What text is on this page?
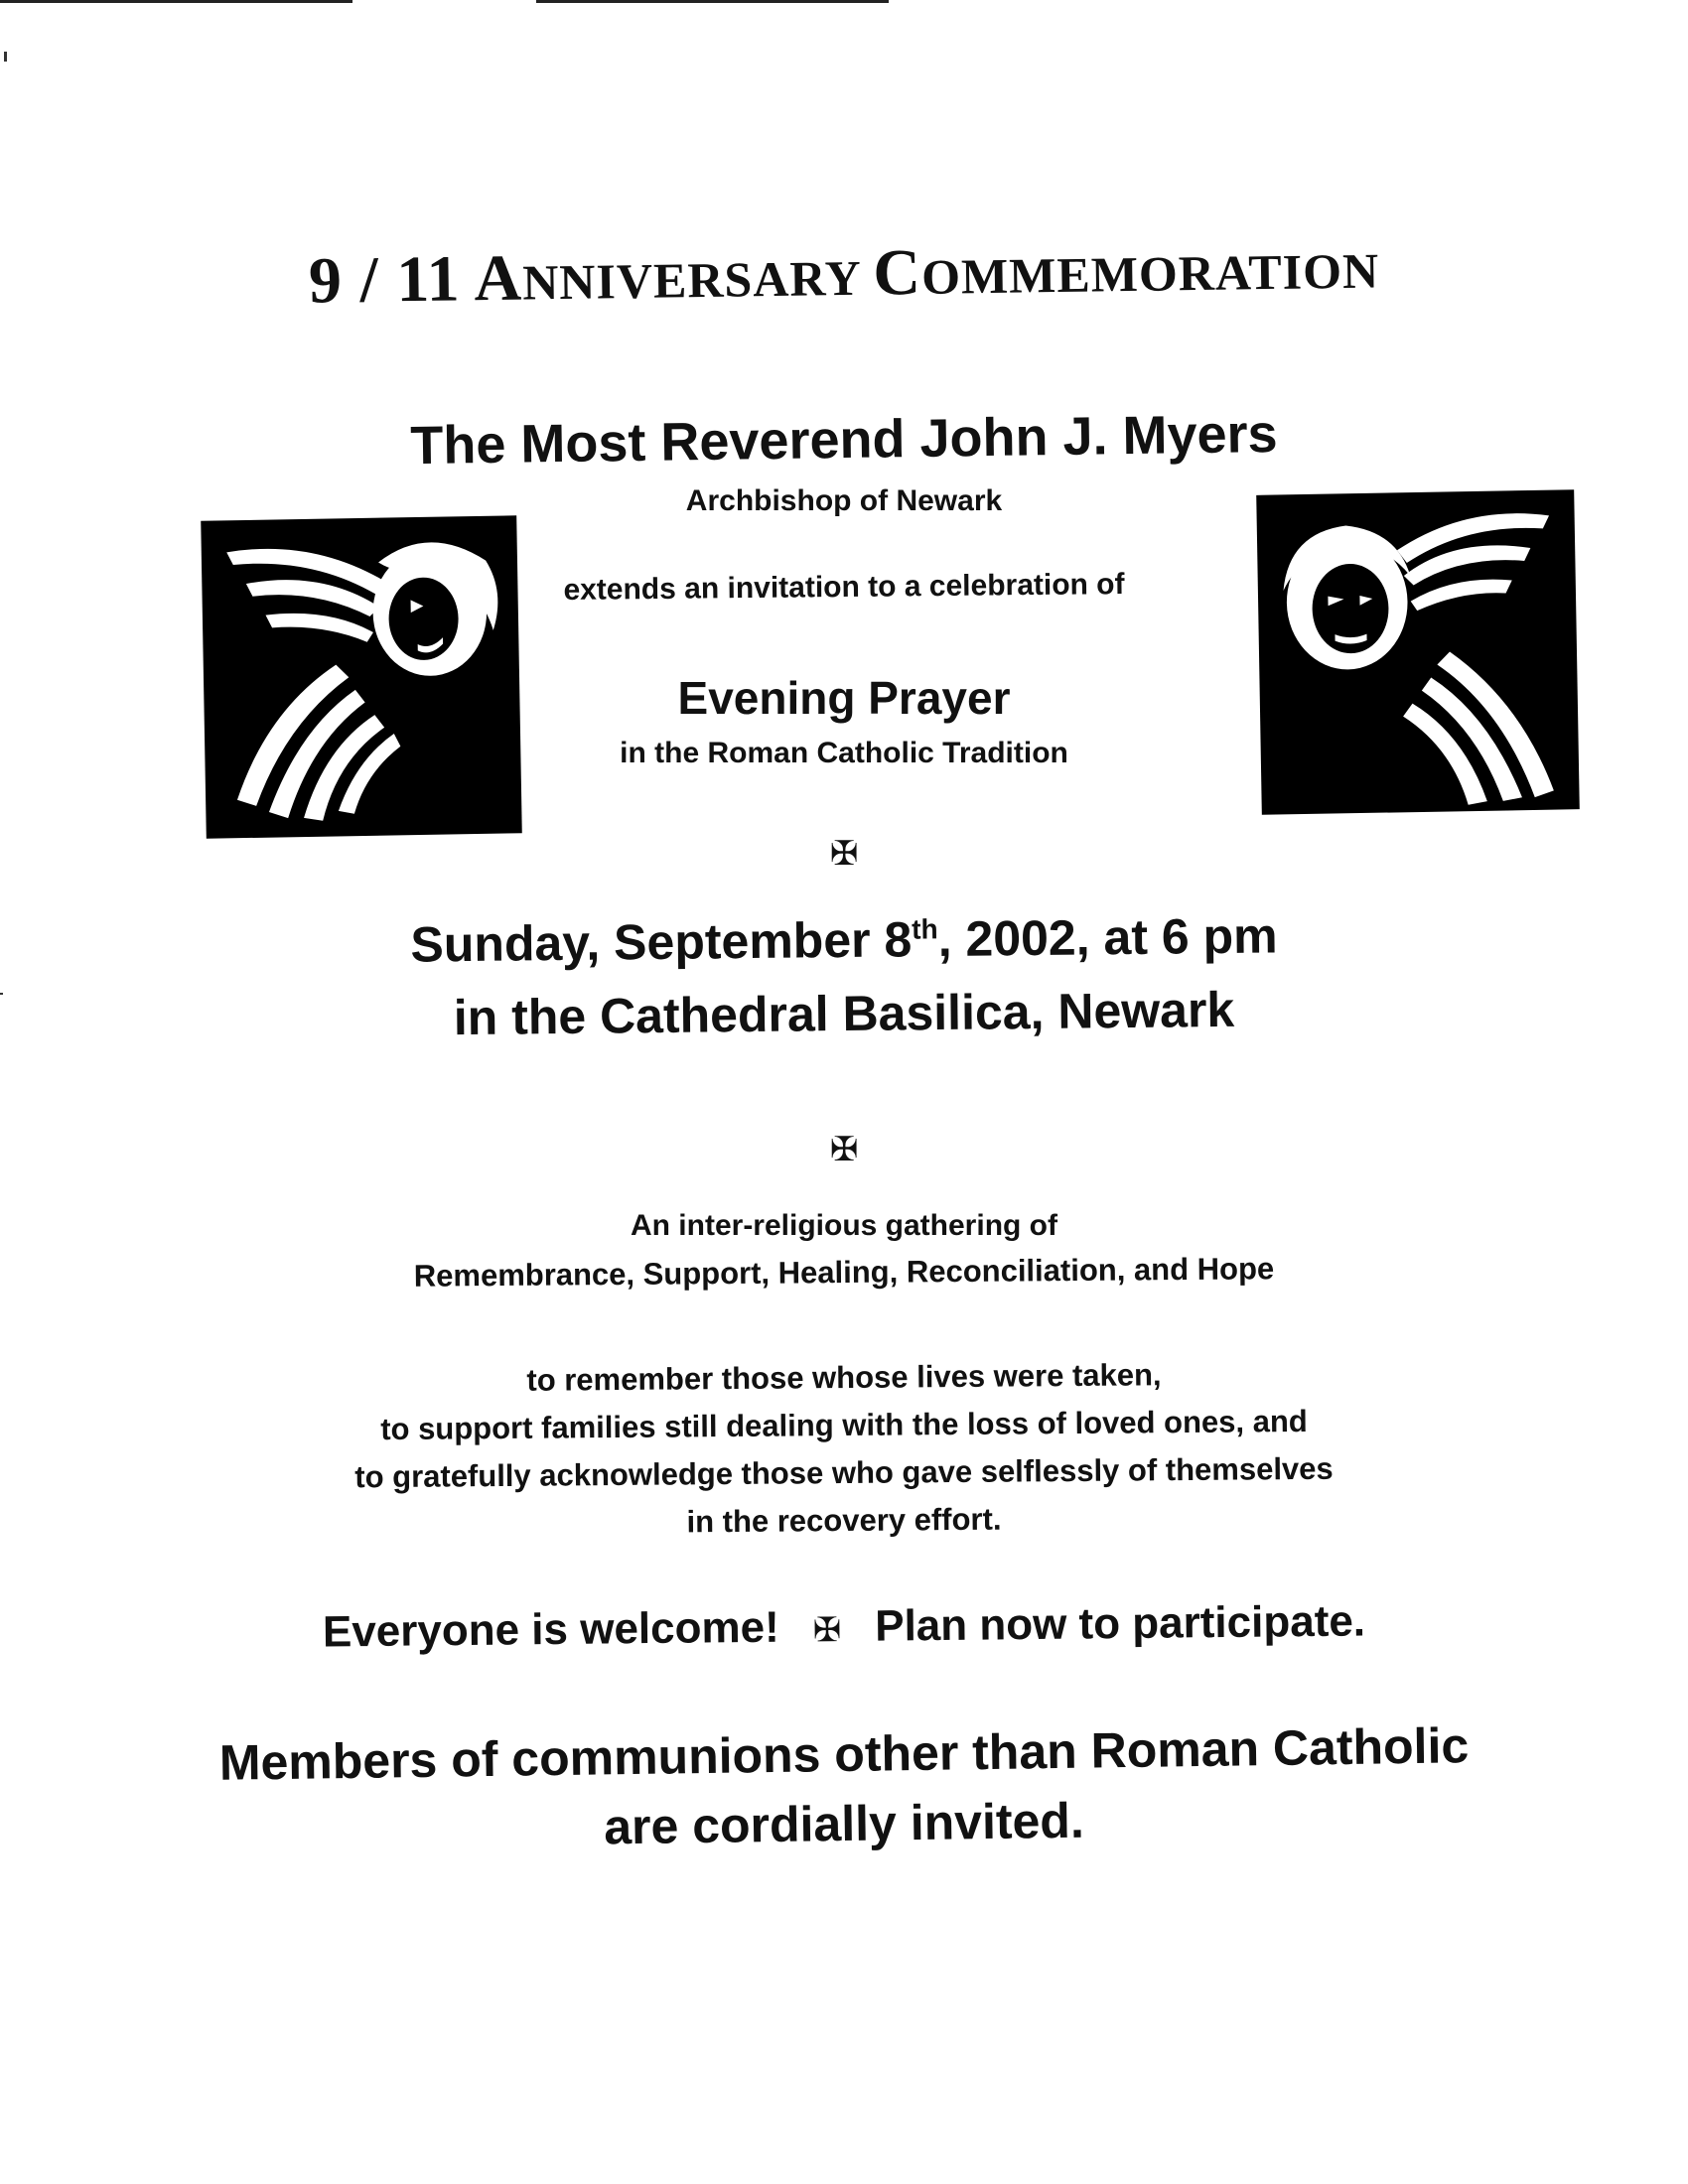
9 / 11 ANNIVERSARY COMMEMORATION
The Most Reverend John J. Myers
Archbishop of Newark
extends an invitation to a celebration of
Evening Prayer
in the Roman Catholic Tradition
✠
Sunday, September 8th, 2002, at 6 pm
in the Cathedral Basilica, Newark
✠
An inter-religious gathering of
Remembrance, Support, Healing, Reconciliation, and Hope
to remember those whose lives were taken,
to support families still dealing with the loss of loved ones, and
to gratefully acknowledge those who gave selflessly of themselves
in the recovery effort.
Everyone is welcome! ✠ Plan now to participate.
Members of communions other than Roman Catholic
are cordially invited.
